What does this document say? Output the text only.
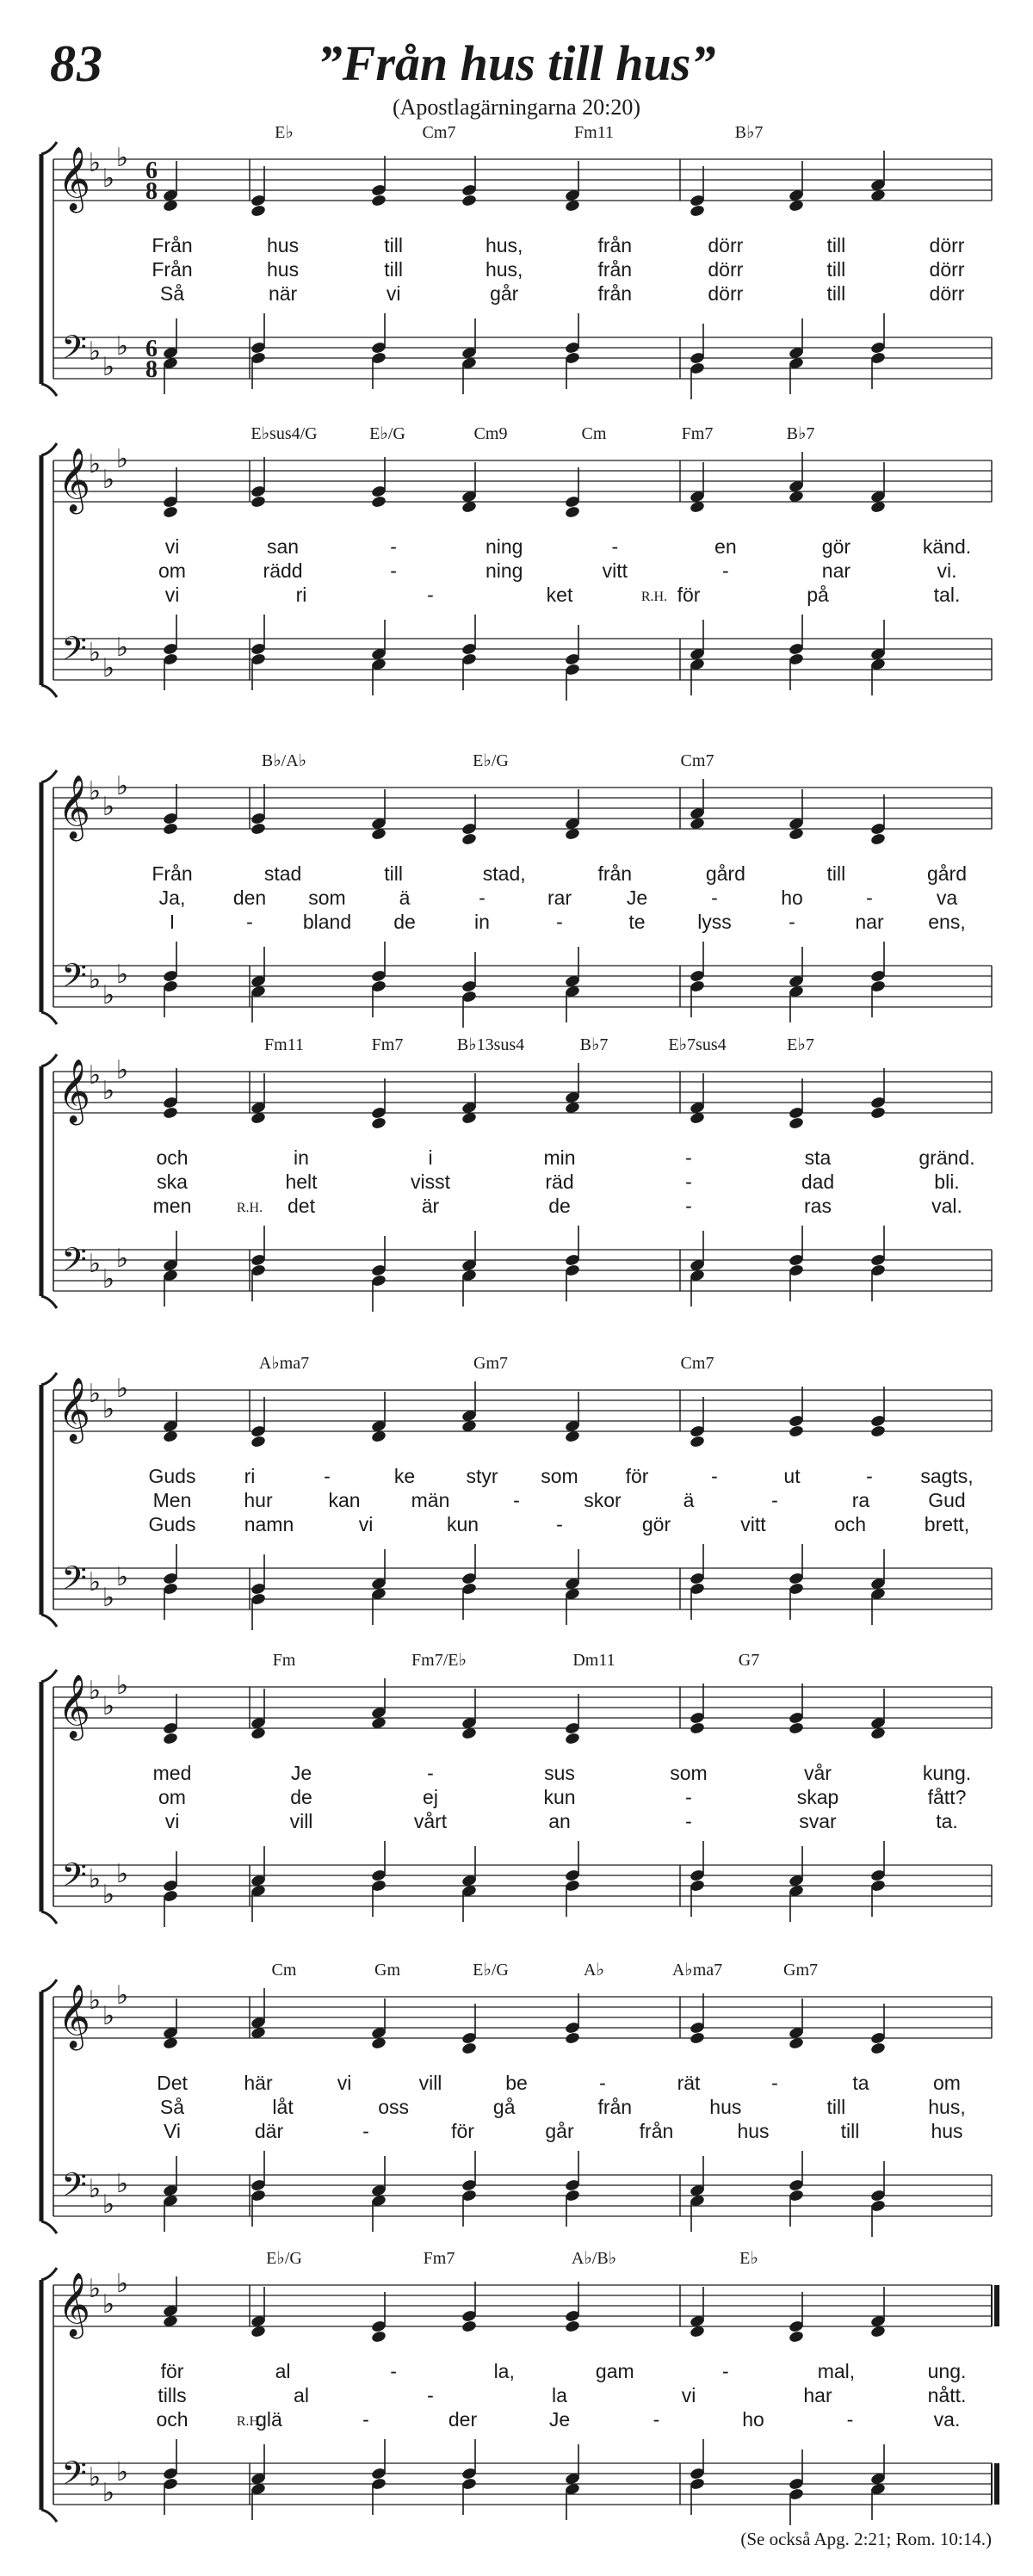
83	”Från hus till hus”
(Apostlagärningarna 20:20)
𝄞
𝄢
♭
♭
♭
♭
♭
♭
6
8
6
8
E♭	Cm7	Fm11	B♭7
Från	hus	till	hus,	från	dörr	till	dörr
Från	hus	till	hus,	från	dörr	till	dörr
Så	när	vi	går	från	dörr	till	dörr
𝄞
𝄢
♭
♭
♭
♭
♭
♭
E♭sus4/G	E♭/G	Cm9	Cm	Fm7	B♭7
R.H.
vi	san	-	ning	-	en	gör	känd.
om	rädd	-	ning	vitt	-	nar	vi.
vi	ri	-	ket	för	på	tal.
𝄞
𝄢
♭
♭
♭
♭
♭
♭
B♭/A♭	E♭/G	Cm7
Från	stad	till	stad,	från	gård	till	gård
Ja, den som	ä	-	rar	Je	-	ho	-	va
I	-	bland de	in	-	te	lyss	-	nar ens,
𝄞
𝄢
♭
♭
♭
♭
♭
♭
Fm11	Fm7	B♭13sus4	B♭7	E♭7sus4	E♭7
R.H.
och	in	i	min	-	sta	gränd.
ska	helt	visst	räd	-	dad	bli.
men	det	är	de	-	ras	val.
𝄞
𝄢
♭
♭
♭
♭
♭
♭
A♭ma7	Gm7	Cm7
Guds ri	-	ke	styr som för	-	ut	- sagts,
Men	hur	kan	män	-	skor	ä	-	ra	Gud
Guds namn	vi	kun	-	gör	vitt	och	brett,
𝄞
𝄢
♭
♭
♭
♭
♭
♭
Fm	Fm7/E♭	Dm11	G7
med	Je	-	sus	som	vår	kung.
om	de	ej	kun	-	skap	fått?
vi	vill	vårt	an	-	svar	ta.
𝄞
𝄢
♭
♭
♭
♭
♭
♭
Cm	Gm	E♭/G	A♭	A♭ma7	Gm7
Det	här	vi	vill	be	-	rät	-	ta	om
Så	låt	oss	gå	från	hus	till	hus,
Vi	där	-	för	går	från	hus	till	hus
𝄞
𝄢
♭
♭
♭
♭
♭
♭
E♭/G	Fm7	A♭/B♭	E♭
R.H.
för	al	-	la,	gam	-	mal,	ung.
tills	al	-	la	vi	har	nått.
och	glä	-	der	Je	-	ho	-	va.
(Se också Apg. 2:21; Rom. 10:14.)
